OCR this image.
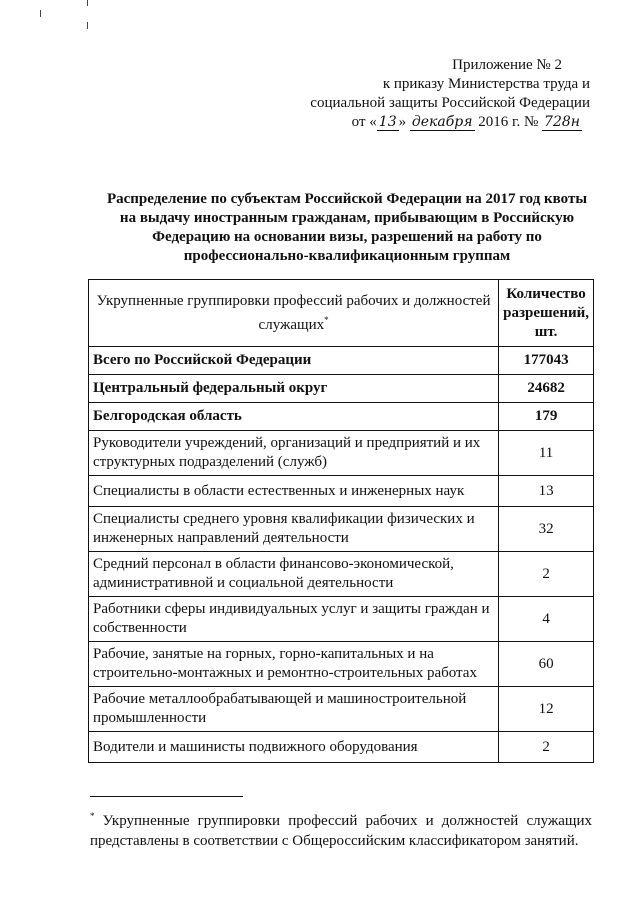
Приложение № 2
к приказу Министерства труда и
социальной защиты Российской Федерации
от « 13 » декабря 2016 г. № 728н
Распределение по субъектам Российской Федерации на 2017 год квоты на выдачу иностранным гражданам, прибывающим в Российскую Федерацию на основании визы, разрешений на работу по профессионально-квалификационным группам
Укрупненные группировки профессий рабочих и должностей служащих*	Количество разрешений, шт.
Всего по Российской Федерации	177043
Центральный федеральный округ	24682
Белгородская область	179
Руководители учреждений, организаций и предприятий и их структурных подразделений (служб)	11
Специалисты в области естественных и инженерных наук	13
Специалисты среднего уровня квалификации физических и инженерных направлений деятельности	32
Средний персонал в области финансово-экономической, административной и социальной деятельности	2
Работники сферы индивидуальных услуг и защиты граждан и собственности	4
Рабочие, занятые на горных, горно-капитальных и на строительно-монтажных и ремонтно-строительных работах	60
Рабочие металлообрабатывающей и машиностроительной промышленности	12
Водители и машинисты подвижного оборудования	2
* Укрупненные группировки профессий рабочих и должностей служащих представлены в соответствии с Общероссийским классификатором занятий.
